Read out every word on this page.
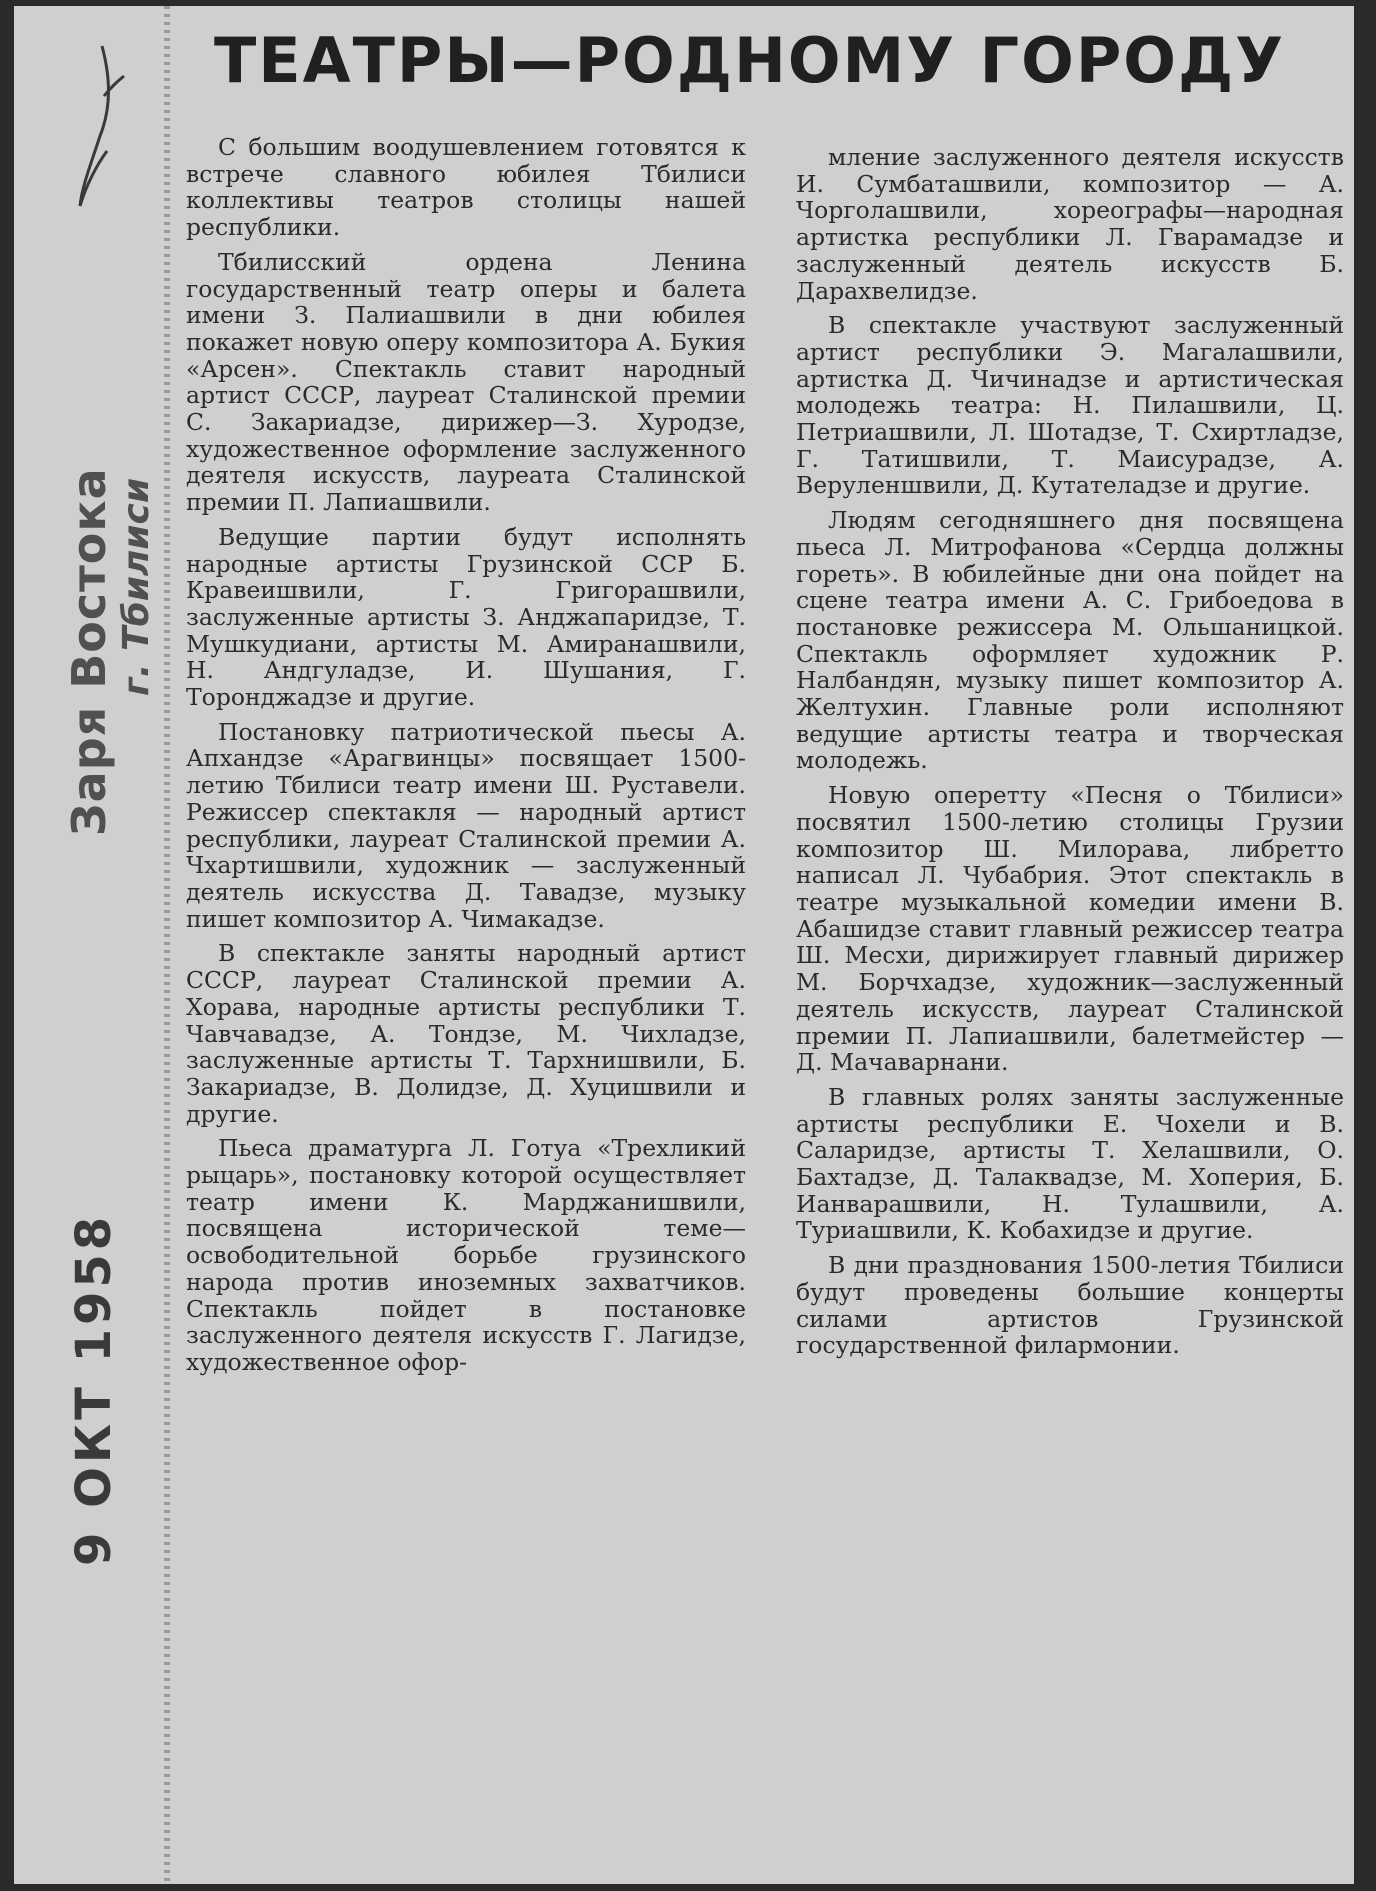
Заря Востока г. Тбилиси
9 ОКТ 1958
ТЕАТРЫ—РОДНОМУ ГОРОДУ

С большим воодушевлением готовятся к встрече славного юбилея Тбилиси коллективы театров столицы нашей республики.

Тбилисский ордена Ленина государственный театр оперы и балета имени З. Палиашвили в дни юбилея покажет новую оперу композитора А. Букия «Арсен». Спектакль ставит народный артист СССР, лауреат Сталинской премии С. Закариадзе, дирижер—З. Хуродзе, художественное оформление заслуженного деятеля искусств, лауреата Сталинской премии П. Лапиашвили.

Ведущие партии будут исполнять народные артисты Грузинской ССР Б. Кравеишвили, Г. Григорашвили, заслуженные артисты З. Анджапаридзе, Т. Мушкудиани, артисты М. Амиранашвили, Н. Андгуладзе, И. Шушания, Г. Торонджадзе и другие.

Постановку патриотической пьесы А. Апхандзе «Арагвинцы» посвящает 1500-летию Тбилиси театр имени Ш. Руставели. Режиссер спектакля — народный артист республики, лауреат Сталинской премии А. Чхартишвили, художник — заслуженный деятель искусства Д. Тавадзе, музыку пишет композитор А. Чимакадзе.

В спектакле заняты народный артист СССР, лауреат Сталинской премии А. Хорава, народные артисты республики Т. Чавчавадзе, А. Тондзе, М. Чихладзе, заслуженные артисты Т. Тархнишвили, Б. Закариадзе, В. Долидзе, Д. Хуцишвили и другие.

Пьеса драматурга Л. Готуа «Трехликий рыцарь», постановку которой осуществляет театр имени К. Марджанишвили, посвящена исторической теме—освободительной борьбе грузинского народа против иноземных захватчиков. Спектакль пойдет в постановке заслуженного деятеля искусств Г. Лагидзе, художественное офор-

мление заслуженного деятеля искусств И. Сумбаташвили, композитор — А. Чорголашвили, хореографы—народная артистка республики Л. Гварамадзе и заслуженный деятель искусств Б. Дарахвелидзе.

В спектакле участвуют заслуженный артист республики Э. Магалашвили, артистка Д. Чичинадзе и артистическая молодежь театра: Н. Пилашвили, Ц. Петриашвили, Л. Шотадзе, Т. Схиртладзе, Г. Татишвили, Т. Маисурадзе, А. Веруленшвили, Д. Кутателадзе и другие.

Людям сегодняшнего дня посвящена пьеса Л. Митрофанова «Сердца должны гореть». В юбилейные дни она пойдет на сцене театра имени А. С. Грибоедова в постановке режиссера М. Ольшаницкой. Спектакль оформляет художник Р. Налбандян, музыку пишет композитор А. Желтухин. Главные роли исполняют ведущие артисты театра и творческая молодежь.

Новую оперетту «Песня о Тбилиси» посвятил 1500-летию столицы Грузии композитор Ш. Милорава, либретто написал Л. Чубабрия. Этот спектакль в театре музыкальной комедии имени В. Абашидзе ставит главный режиссер театра Ш. Месхи, дирижирует главный дирижер М. Борчхадзе, художник—заслуженный деятель искусств, лауреат Сталинской премии П. Лапиашвили, балетмейстер — Д. Мачаварнани.

В главных ролях заняты заслуженные артисты республики Е. Чохели и В. Саларидзе, артисты Т. Хелашвили, О. Бахтадзе, Д. Талаквадзе, М. Хоперия, Б. Ианварашвили, Н. Тулашвили, А. Туриашвили, К. Кобахидзе и другие.

В дни празднования 1500-летия Тбилиси будут проведены большие концерты силами артистов Грузинской государственной филармонии.
